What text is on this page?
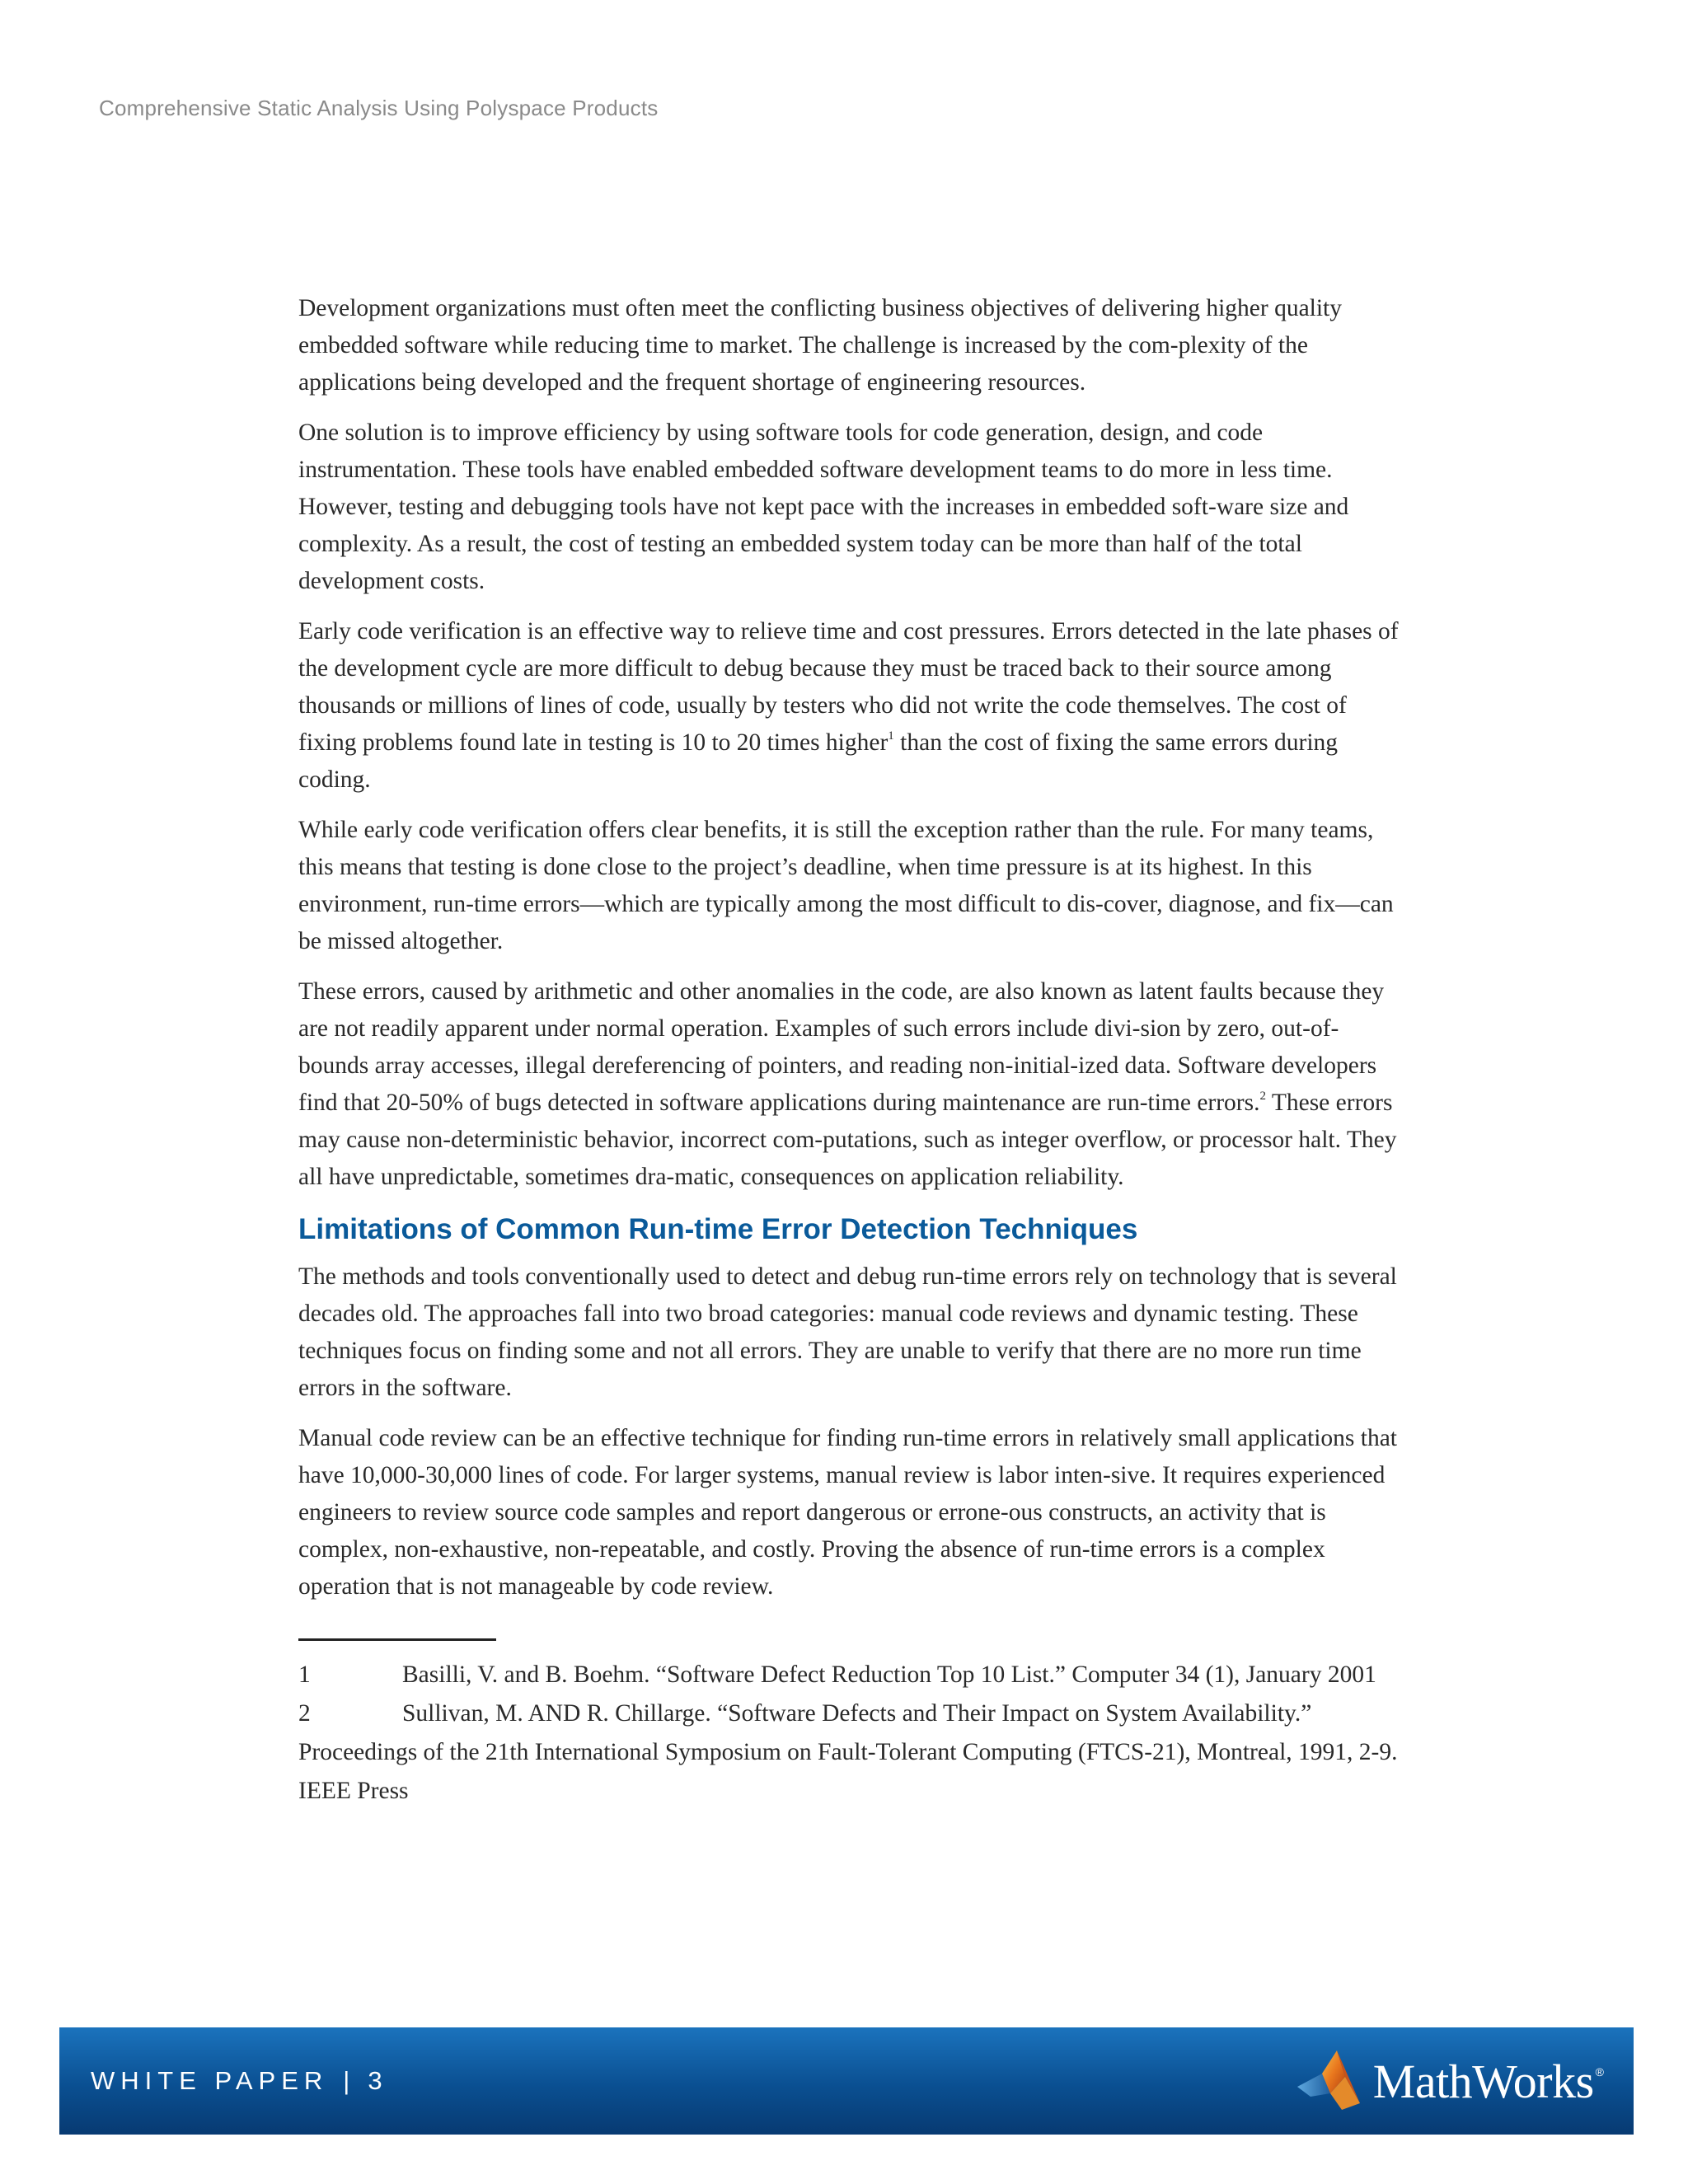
Comprehensive Static Analysis Using Polyspace Products

Development organizations must often meet the conflicting business objectives of delivering higher quality embedded software while reducing time to market. The challenge is increased by the com-plexity of the applications being developed and the frequent shortage of engineering resources.

One solution is to improve efficiency by using software tools for code generation, design, and code instrumentation. These tools have enabled embedded software development teams to do more in less time. However, testing and debugging tools have not kept pace with the increases in embedded soft-ware size and complexity. As a result, the cost of testing an embedded system today can be more than half of the total development costs.

Early code verification is an effective way to relieve time and cost pressures. Errors detected in the late phases of the development cycle are more difficult to debug because they must be traced back to their source among thousands or millions of lines of code, usually by testers who did not write the code themselves. The cost of fixing problems found late in testing is 10 to 20 times higher$^1$ than the cost of fixing the same errors during coding.

While early code verification offers clear benefits, it is still the exception rather than the rule. For many teams, this means that testing is done close to the project’s deadline, when time pressure is at its highest. In this environment, run-time errors—which are typically among the most difficult to dis-cover, diagnose, and fix—can be missed altogether.

These errors, caused by arithmetic and other anomalies in the code, are also known as latent faults because they are not readily apparent under normal operation. Examples of such errors include divi-sion by zero, out-of-bounds array accesses, illegal dereferencing of pointers, and reading non-initial-ized data. Software developers find that 20-50% of bugs detected in software applications during maintenance are run-time errors.$^2$ These errors may cause non-deterministic behavior, incorrect com-putations, such as integer overflow, or processor halt. They all have unpredictable, sometimes dra-matic, consequences on application reliability.

Limitations of Common Run-time Error Detection Techniques

The methods and tools conventionally used to detect and debug run-time errors rely on technology that is several decades old. The approaches fall into two broad categories: manual code reviews and dynamic testing. These techniques focus on finding some and not all errors. They are unable to verify that there are no more run time errors in the software.

Manual code review can be an effective technique for finding run-time errors in relatively small applications that have 10,000-30,000 lines of code. For larger systems, manual review is labor inten-sive. It requires experienced engineers to review source code samples and report dangerous or errone-ous constructs, an activity that is complex, non-exhaustive, non-repeatable, and costly. Proving the absence of run-time errors is a complex operation that is not manageable by code review.

1	Basilli, V. and B. Boehm. “Software Defect Reduction Top 10 List.” Computer 34 (1), January 2001
2	Sullivan, M. AND R. Chillarge. “Software Defects and Their Impact on System Availability.” Proceedings of the 21th International Symposium on Fault-Tolerant Computing (FTCS-21), Montreal, 1991, 2-9. IEEE Press
WHITE PAPER | 3	MathWorks ®
